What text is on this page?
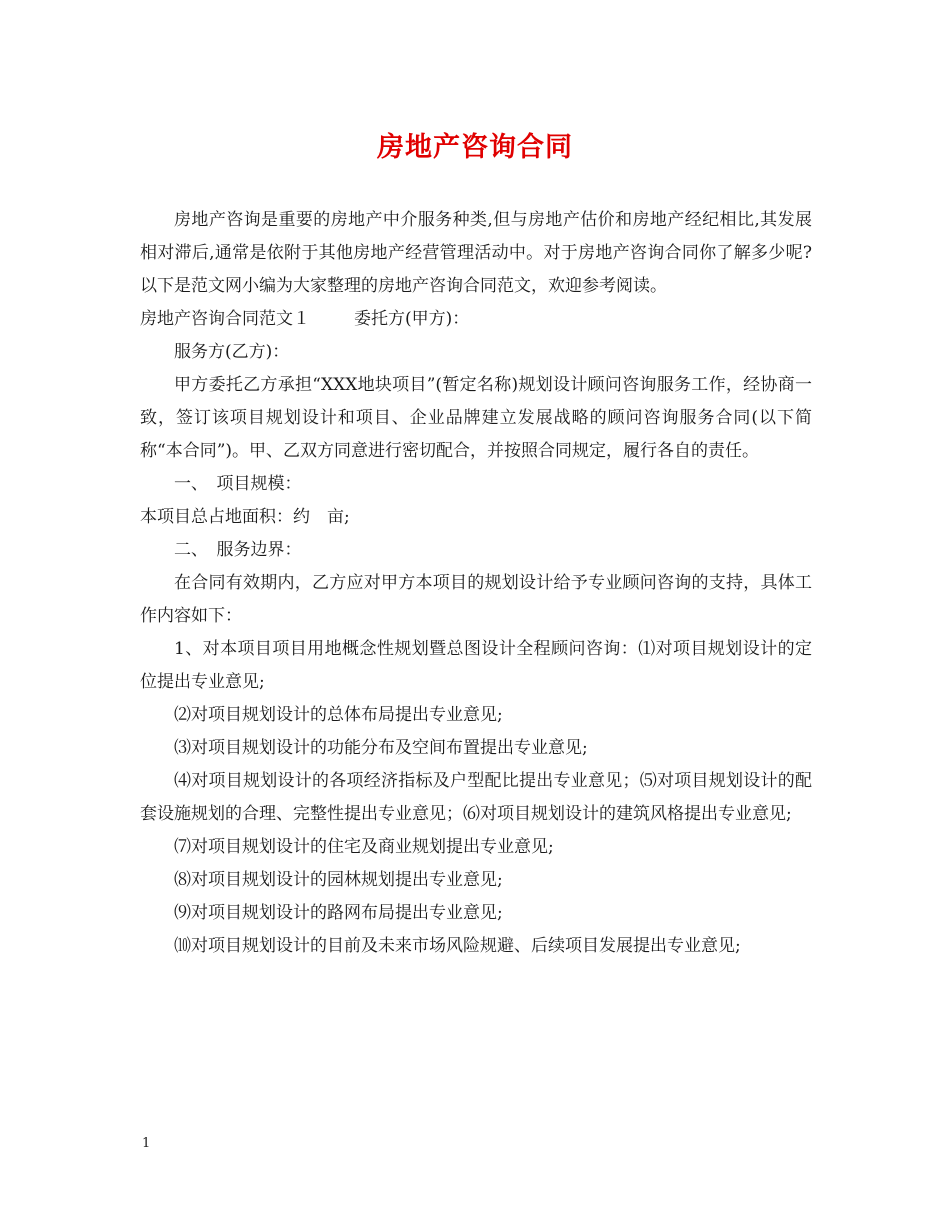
房地产咨询合同

房地产咨询是重要的房地产中介服务种类,但与房地产估价和房地产经纪相比,其发展相对滞后,通常是依附于其他房地产经营管理活动中。对于房地产咨询合同你了解多少呢?以下是范文网小编为大家整理的房地产咨询合同范文，欢迎参考阅读。

房地产咨询合同范文１	委托方(甲方)：

服务方(乙方)：

甲方委托乙方承担“XXX地块项目”(暂定名称)规划设计顾问咨询服务工作，经协商一致，签订该项目规划设计和项目、企业品牌建立发展战略的顾问咨询服务合同(以下简称“本合同”)。甲、乙双方同意进行密切配合，并按照合同规定，履行各自的责任。

一、　项目规模：

本项目总占地面积：约　亩;

二、　服务边界：

在合同有效期内，乙方应对甲方本项目的规划设计给予专业顾问咨询的支持，具体工作内容如下：

1、对本项目项目用地概念性规划暨总图设计全程顾问咨询：⑴对项目规划设计的定位提出专业意见;

⑵对项目规划设计的总体布局提出专业意见;

⑶对项目规划设计的功能分布及空间布置提出专业意见;

⑷对项目规划设计的各项经济指标及户型配比提出专业意见；⑸对项目规划设计的配套设施规划的合理、完整性提出专业意见；⑹对项目规划设计的建筑风格提出专业意见;

⑺对项目规划设计的住宅及商业规划提出专业意见;

⑻对项目规划设计的园林规划提出专业意见;

⑼对项目规划设计的路网布局提出专业意见;

⑽对项目规划设计的目前及未来市场风险规避、后续项目发展提出专业意见;

1
